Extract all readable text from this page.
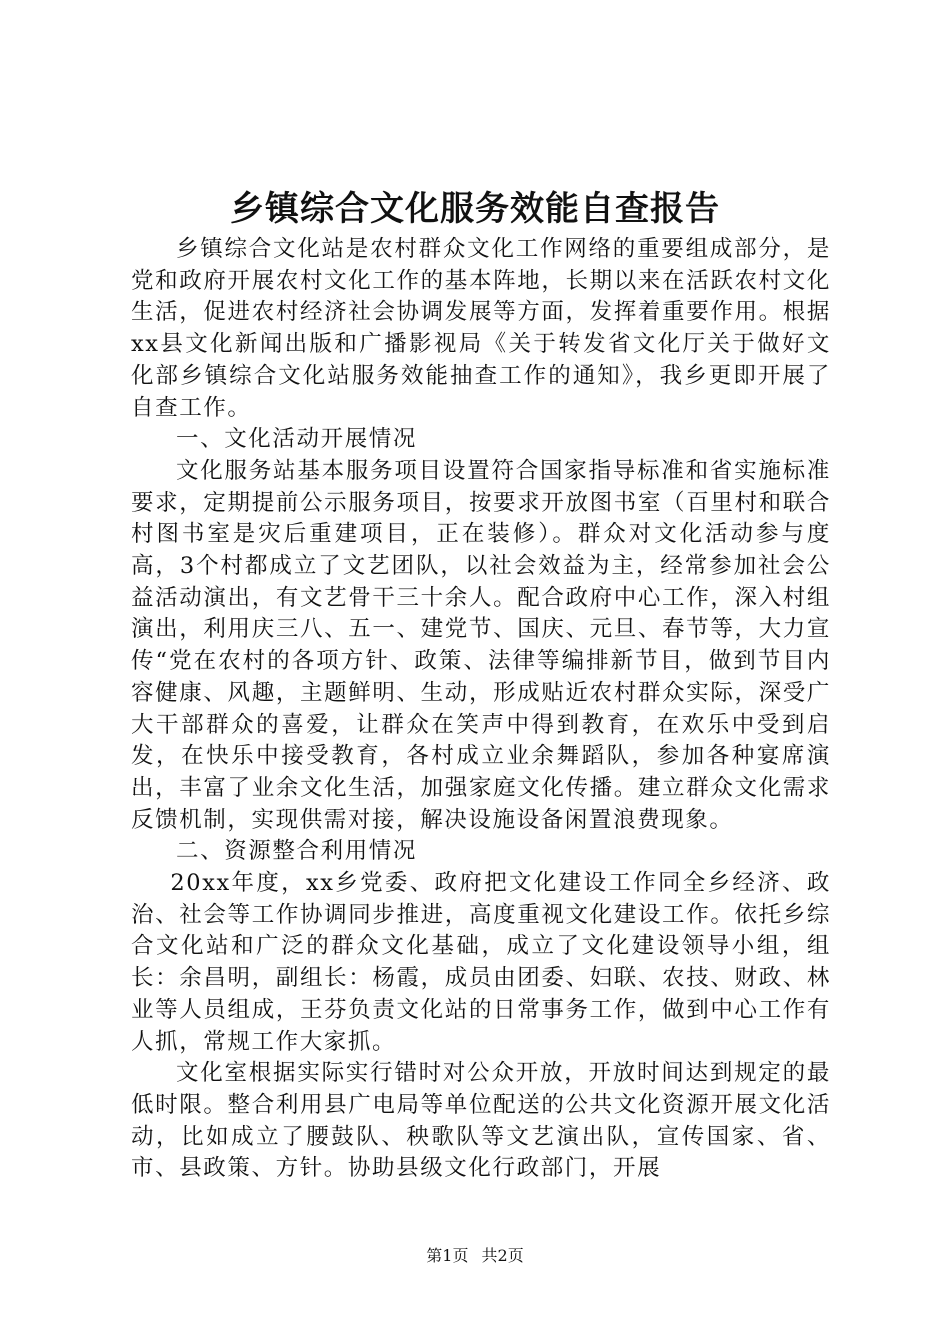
乡镇综合文化服务效能自查报告

乡镇综合文化站是农村群众文化工作网络的重要组成部分，是党和政府开展农村文化工作的基本阵地，长期以来在活跃农村文化生活，促进农村经济社会协调发展等方面，发挥着重要作用。根据xx县文化新闻出版和广播影视局《关于转发省文化厅关于做好文化部乡镇综合文化站服务效能抽查工作的通知》，我乡更即开展了自查工作。

一、文化活动开展情况

文化服务站基本服务项目设置符合国家指导标准和省实施标准要求，定期提前公示服务项目，按要求开放图书室（百里村和联合村图书室是灾后重建项目，正在装修）。群众对文化活动参与度高，3个村都成立了文艺团队，以社会效益为主，经常参加社会公益活动演出，有文艺骨干三十余人。配合政府中心工作，深入村组演出，利用庆三八、五一、建党节、国庆、元旦、春节等，大力宣传“党在农村的各项方针、政策、法律等编排新节目，做到节目内容健康、风趣，主题鲜明、生动，形成贴近农村群众实际，深受广大干部群众的喜爱，让群众在笑声中得到教育，在欢乐中受到启发，在快乐中接受教育，各村成立业余舞蹈队，参加各种宴席演出，丰富了业余文化生活，加强家庭文化传播。建立群众文化需求反馈机制，实现供需对接，解决设施设备闲置浪费现象。

二、资源整合利用情况

20xx年度，xx乡党委、政府把文化建设工作同全乡经济、政治、社会等工作协调同步推进，高度重视文化建设工作。依托乡综合文化站和广泛的群众文化基础，成立了文化建设领导小组，组长：余昌明，副组长：杨霞，成员由团委、妇联、农技、财政、林业等人员组成，王芬负责文化站的日常事务工作，做到中心工作有人抓，常规工作大家抓。

文化室根据实际实行错时对公众开放，开放时间达到规定的最低时限。整合利用县广电局等单位配送的公共文化资源开展文化活动，比如成立了腰鼓队、秧歌队等文艺演出队，宣传国家、省、市、县政策、方针。协助县级文化行政部门，开展

第1页 共2页
